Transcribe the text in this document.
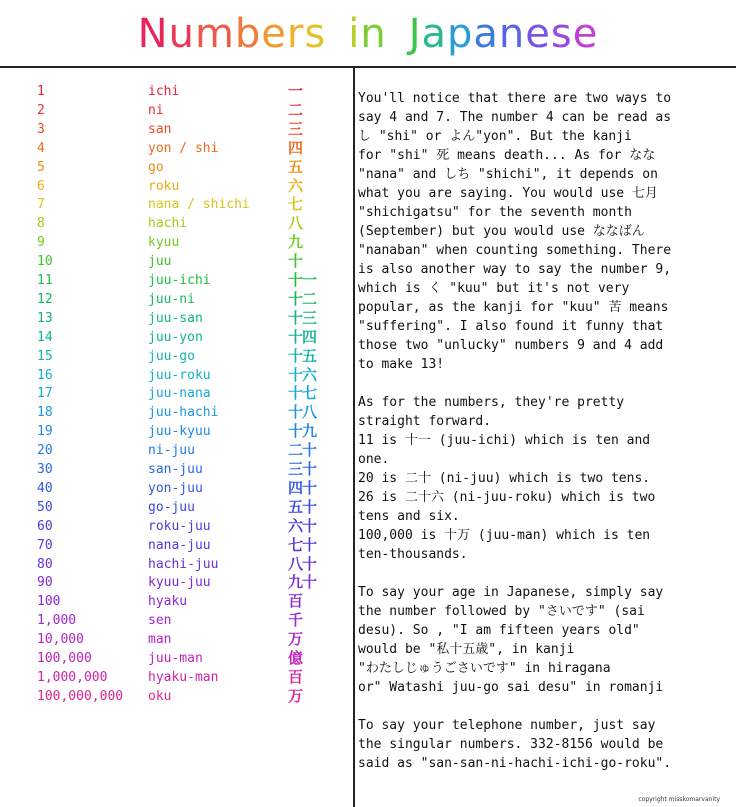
Numbers in Japanese
1	ichi	一
2	ni	二
3	san	三
4	yon / shi	四
5	go	五
6	roku	六
7	nana / shichi	七
8	hachi	八
9	kyuu	九
10	juu	十
11	juu-ichi	十一
12	juu-ni	十二
13	juu-san	十三
14	juu-yon	十四
15	juu-go	十五
16	juu-roku	十六
17	juu-nana	十七
18	juu-hachi	十八
19	juu-kyuu	十九
20	ni-juu	二十
30	san-juu	三十
40	yon-juu	四十
50	go-juu	五十
60	roku-juu	六十
70	nana-juu	七十
80	hachi-juu	八十
90	kyuu-juu	九十
100	hyaku	百
1,000	sen	千
10,000	man	万
100,000	juu-man	億
1,000,000	hyaku-man	百
100,000,000 oku	万
You'll notice that there are two ways to
say 4 and 7. The number 4 can be read as
し "shi" or よん"yon". But the kanji
for "shi" 死 means death... As for なな
"nana" and しち "shichi", it depends on
what you are saying. You would use 七月
"shichigatsu" for the seventh month
(September) but you would use ななばん
"nanaban" when counting something. There
is also another way to say the number 9,
which is く "kuu" but it's not very
popular, as the kanji for "kuu" 苦 means
"suffering". I also found it funny that
those two "unlucky" numbers 9 and 4 add
to make 13!
As for the numbers, they're pretty
straight forward.
11 is 十一 (juu-ichi) which is ten and
one.
20 is 二十 (ni-juu) which is two tens.
26 is 二十六 (ni-juu-roku) which is two
tens and six.
100,000 is 十万 (juu-man) which is ten
ten-thousands.
To say your age in Japanese, simply say
the number followed by "さいです" (sai
desu). So , "I am fifteen years old"
would be "私十五歳", in kanji
"わたしじゅうごさいです" in hiragana
or" Watashi juu-go sai desu" in romanji
To say your telephone number, just say
the singular numbers. 332-8156 would be
said as "san-san-ni-hachi-ichi-go-roku".
copyright misskomarvanity
